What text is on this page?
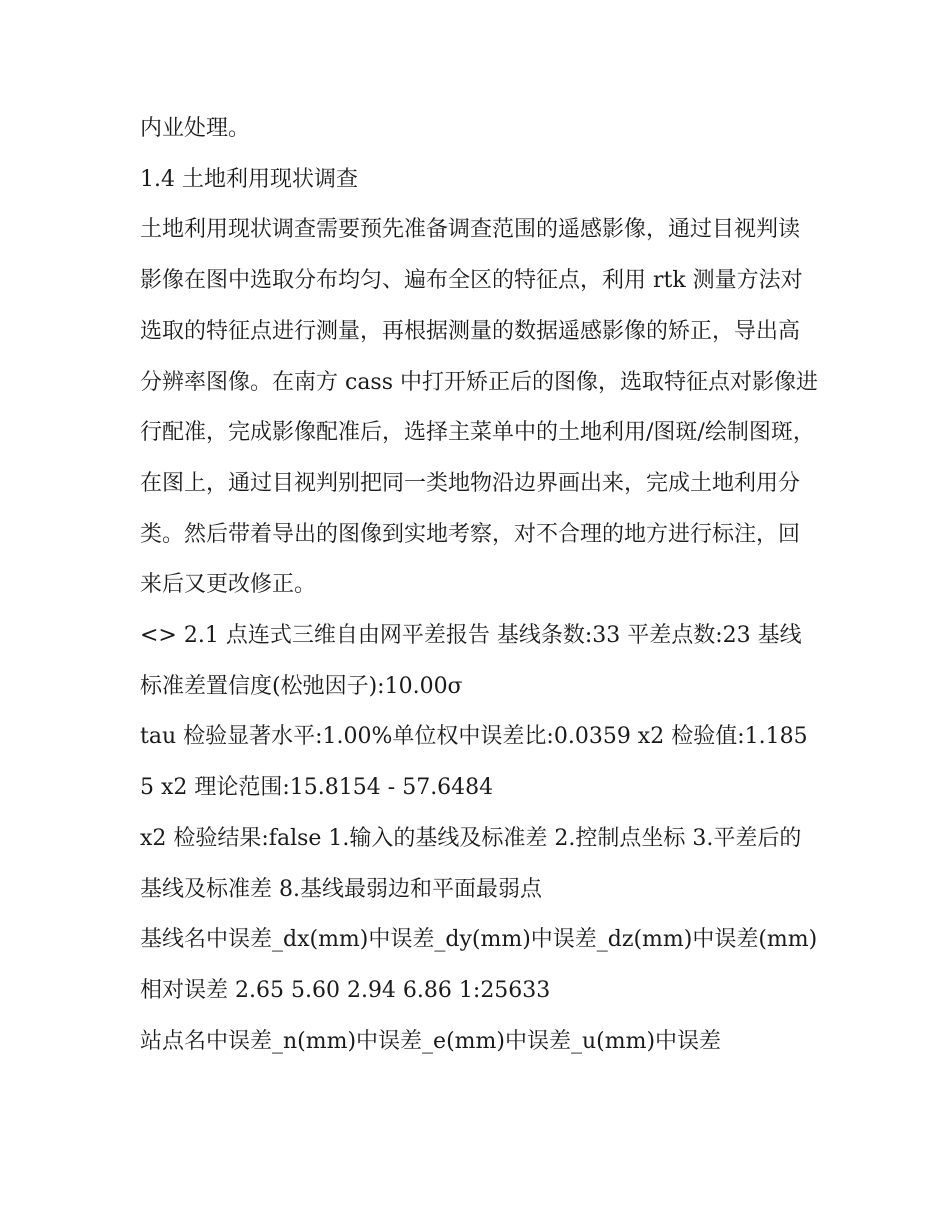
内业处理。

1.4 土地利用现状调查

土地利用现状调查需要预先准备调查范围的遥感影像，通过目视判读影像在图中选取分布均匀、遍布全区的特征点，利用 rtk 测量方法对选取的特征点进行测量，再根据测量的数据遥感影像的矫正，导出高分辨率图像。在南方 cass 中打开矫正后的图像，选取特征点对影像进行配准，完成影像配准后，选择主菜单中的土地利用/图斑/绘制图斑，在图上，通过目视判别把同一类地物沿边界画出来，完成土地利用分类。然后带着导出的图像到实地考察，对不合理的地方进行标注，回来后又更改修正。

<> 2.1 点连式三维自由网平差报告 基线条数:33 平差点数:23 基线标准差置信度(松弛因子):10.00σ

tau 检验显著水平:1.00%单位权中误差比:0.0359 x2 检验值:1.1855 x2 理论范围:15.8154 - 57.6484

x2 检验结果:false 1.输入的基线及标准差 2.控制点坐标 3.平差后的基线及标准差 8.基线最弱边和平面最弱点

基线名中误差_dx(mm)中误差_dy(mm)中误差_dz(mm)中误差(mm)相对误差 2.65 5.60 2.94 6.86 1:25633

站点名中误差_n(mm)中误差_e(mm)中误差_u(mm)中误差
